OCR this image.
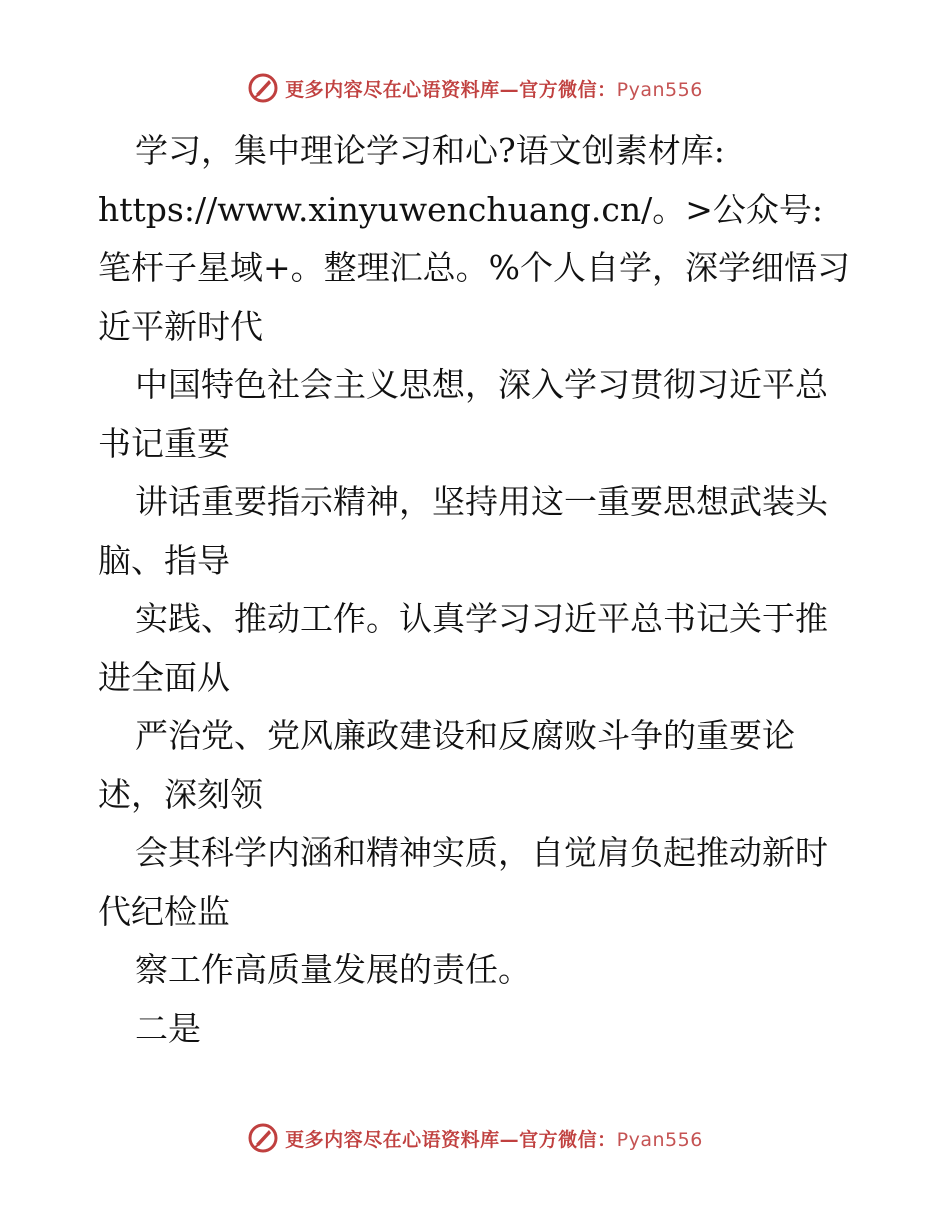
更多内容尽在心语资料库—官方微信：Pyan556

学习，集中理论学习和心?语文创素材库:

https://www.xinyuwenchuang.cn/。>公众号: 笔杆子星域+。整理汇总。%个人自学，深学细悟习近平新时代

中国特色社会主义思想，深入学习贯彻习近平总书记重要

讲话重要指示精神，坚持用这一重要思想武装头脑、指导

实践、推动工作。认真学习习近平总书记关于推进全面从

严治党、党风廉政建设和反腐败斗争的重要论述，深刻领

会其科学内涵和精神实质，自觉肩负起推动新时代纪检监

察工作高质量发展的责任。

二是

更多内容尽在心语资料库—官方微信：Pyan556
